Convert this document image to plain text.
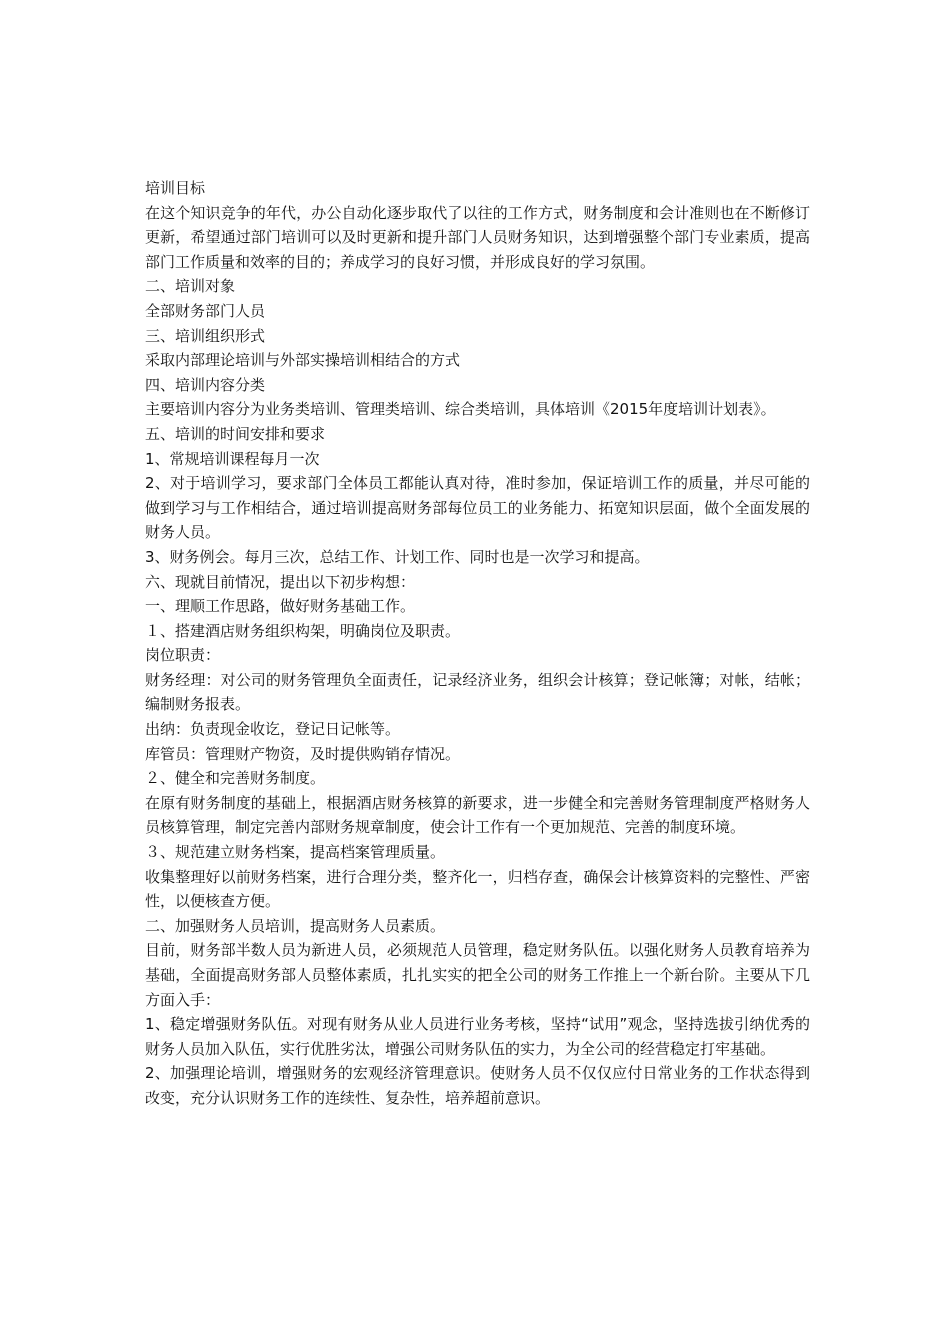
培训目标

在这个知识竞争的年代，办公自动化逐步取代了以往的工作方式，财务制度和会计准则也在不断修订更新，希望通过部门培训可以及时更新和提升部门人员财务知识，达到增强整个部门专业素质，提高部门工作质量和效率的目的；养成学习的良好习惯，并形成良好的学习氛围。

二、培训对象

全部财务部门人员

三、培训组织形式

采取内部理论培训与外部实操培训相结合的方式

四、培训内容分类

主要培训内容分为业务类培训、管理类培训、综合类培训，具体培训《2015年度培训计划表》。

五、培训的时间安排和要求

1、常规培训课程每月一次

2、对于培训学习，要求部门全体员工都能认真对待，准时参加，保证培训工作的质量，并尽可能的做到学习与工作相结合，通过培训提高财务部每位员工的业务能力、拓宽知识层面，做个全面发展的财务人员。

3、财务例会。每月三次，总结工作、计划工作、同时也是一次学习和提高。

六、现就目前情况，提出以下初步构想：

一、理顺工作思路，做好财务基础工作。

１、搭建酒店财务组织构架，明确岗位及职责。

岗位职责：

财务经理：对公司的财务管理负全面责任，记录经济业务，组织会计核算；登记帐簿；对帐，结帐；编制财务报表。

出纳：负责现金收讫，登记日记帐等。

库管员：管理财产物资，及时提供购销存情况。

２、健全和完善财务制度。

在原有财务制度的基础上，根据酒店财务核算的新要求，进一步健全和完善财务管理制度严格财务人员核算管理，制定完善内部财务规章制度，使会计工作有一个更加规范、完善的制度环境。

３、规范建立财务档案，提高档案管理质量。

收集整理好以前财务档案，进行合理分类，整齐化一，归档存查，确保会计核算资料的完整性、严密性，以便核查方便。

二、加强财务人员培训，提高财务人员素质。

目前，财务部半数人员为新进人员，必须规范人员管理，稳定财务队伍。以强化财务人员教育培养为基础，全面提高财务部人员整体素质，扎扎实实的把全公司的财务工作推上一个新台阶。主要从下几方面入手：

1、稳定增强财务队伍。对现有财务从业人员进行业务考核，坚持“试用”观念，坚持选拔引纳优秀的财务人员加入队伍，实行优胜劣汰，增强公司财务队伍的实力，为全公司的经营稳定打牢基础。

2、加强理论培训，增强财务的宏观经济管理意识。使财务人员不仅仅应付日常业务的工作状态得到改变，充分认识财务工作的连续性、复杂性，培养超前意识。
